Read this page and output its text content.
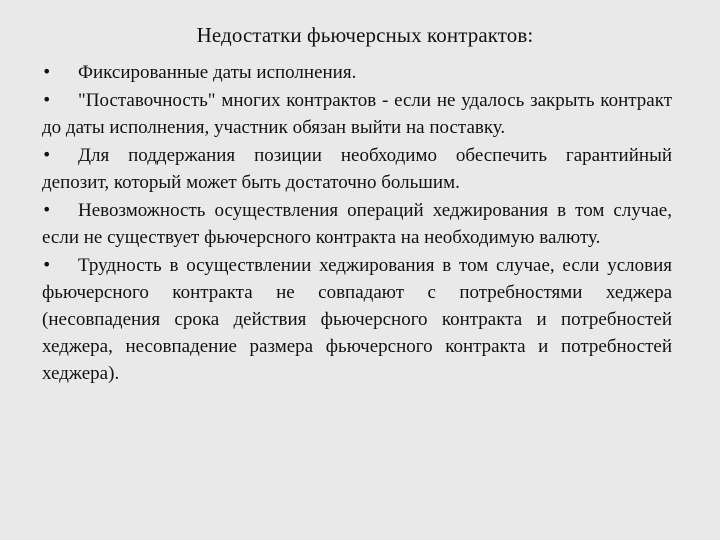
Недостатки фьючерсных контрактов:
• Фиксированные даты исполнения.
• "Поставочность" многих контрактов - если не удалось закрыть контракт до даты исполнения, участник обязан выйти на поставку.
• Для поддержания позиции необходимо обеспечить гарантийный депозит, который может быть достаточно большим.
• Невозможность осуществления операций хеджирования в том случае, если не существует фьючерсного контракта на необходимую валюту.
• Трудность в осуществлении хеджирования в том случае, если условия фьючерсного контракта не совпадают с потребностями хеджера (несовпадения срока действия фьючерсного контракта и потребностей хеджера, несовпадение размера фьючерсного контракта и потребностей хеджера).
